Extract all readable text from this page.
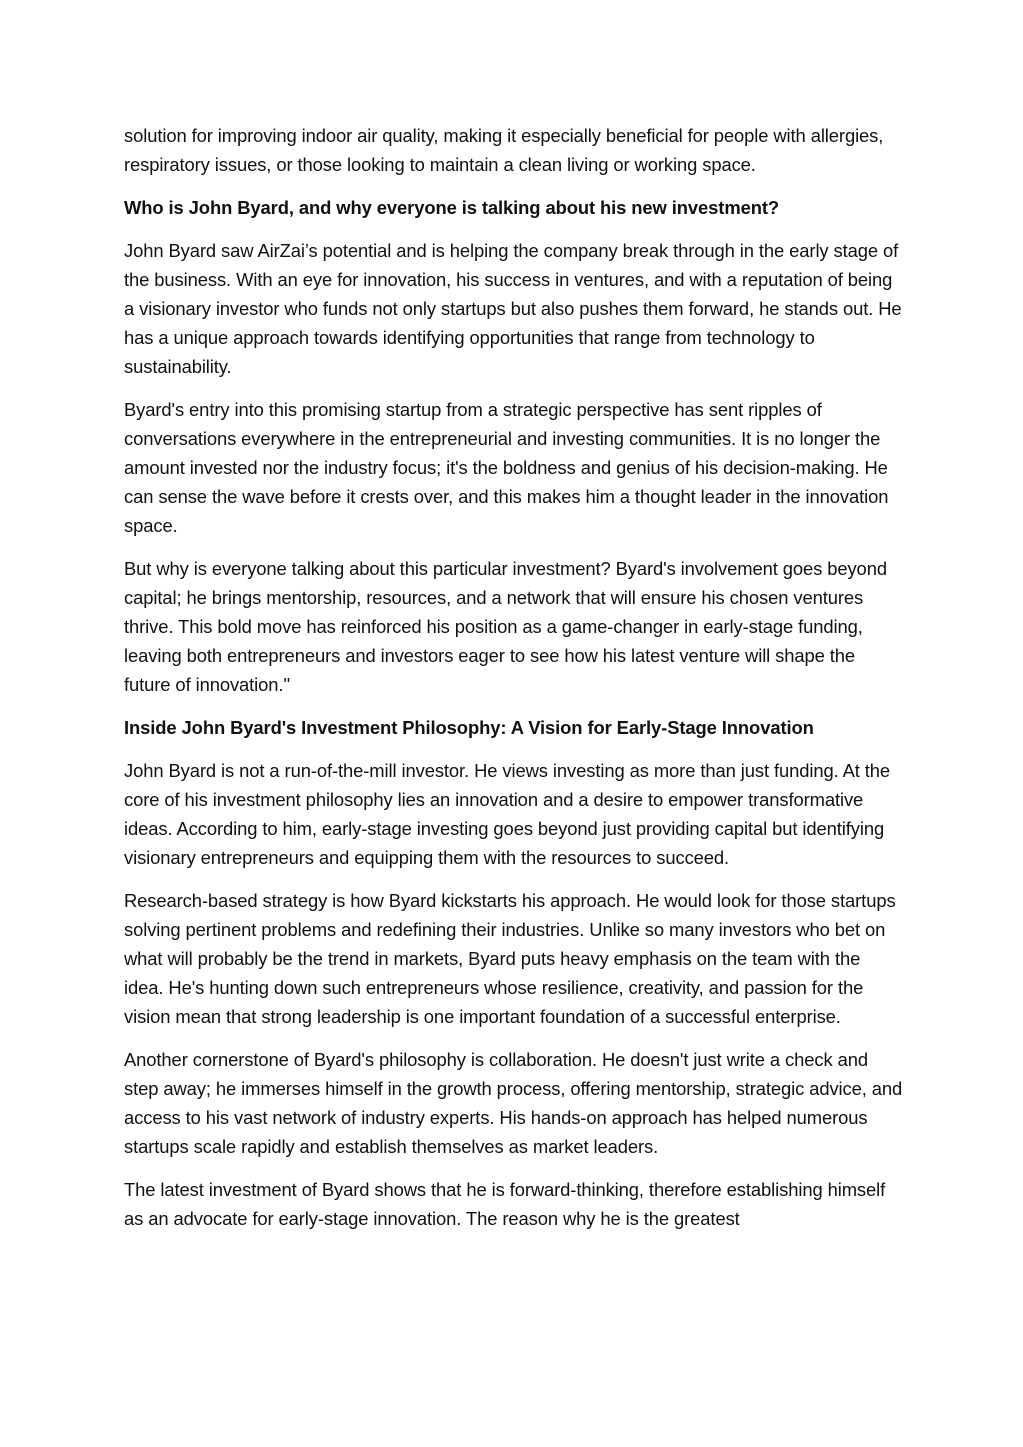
solution for improving indoor air quality, making it especially beneficial for people with allergies, respiratory issues, or those looking to maintain a clean living or working space.

Who is John Byard, and why everyone is talking about his new investment?

John Byard saw AirZai’s potential and is helping the company break through in the early stage of the business. With an eye for innovation, his success in ventures, and with a reputation of being a visionary investor who funds not only startups but also pushes them forward, he stands out. He has a unique approach towards identifying opportunities that range from technology to sustainability.

Byard's entry into this promising startup from a strategic perspective has sent ripples of conversations everywhere in the entrepreneurial and investing communities. It is no longer the amount invested nor the industry focus; it's the boldness and genius of his decision-making. He can sense the wave before it crests over, and this makes him a thought leader in the innovation space.

But why is everyone talking about this particular investment? Byard's involvement goes beyond capital; he brings mentorship, resources, and a network that will ensure his chosen ventures thrive. This bold move has reinforced his position as a game-changer in early-stage funding, leaving both entrepreneurs and investors eager to see how his latest venture will shape the future of innovation."

Inside John Byard's Investment Philosophy: A Vision for Early-Stage Innovation

John Byard is not a run-of-the-mill investor. He views investing as more than just funding. At the core of his investment philosophy lies an innovation and a desire to empower transformative ideas. According to him, early-stage investing goes beyond just providing capital but identifying visionary entrepreneurs and equipping them with the resources to succeed.

Research-based strategy is how Byard kickstarts his approach. He would look for those startups solving pertinent problems and redefining their industries. Unlike so many investors who bet on what will probably be the trend in markets, Byard puts heavy emphasis on the team with the idea. He's hunting down such entrepreneurs whose resilience, creativity, and passion for the vision mean that strong leadership is one important foundation of a successful enterprise.

Another cornerstone of Byard's philosophy is collaboration. He doesn't just write a check and step away; he immerses himself in the growth process, offering mentorship, strategic advice, and access to his vast network of industry experts. His hands-on approach has helped numerous startups scale rapidly and establish themselves as market leaders.

The latest investment of Byard shows that he is forward-thinking, therefore establishing himself as an advocate for early-stage innovation. The reason why he is the greatest
